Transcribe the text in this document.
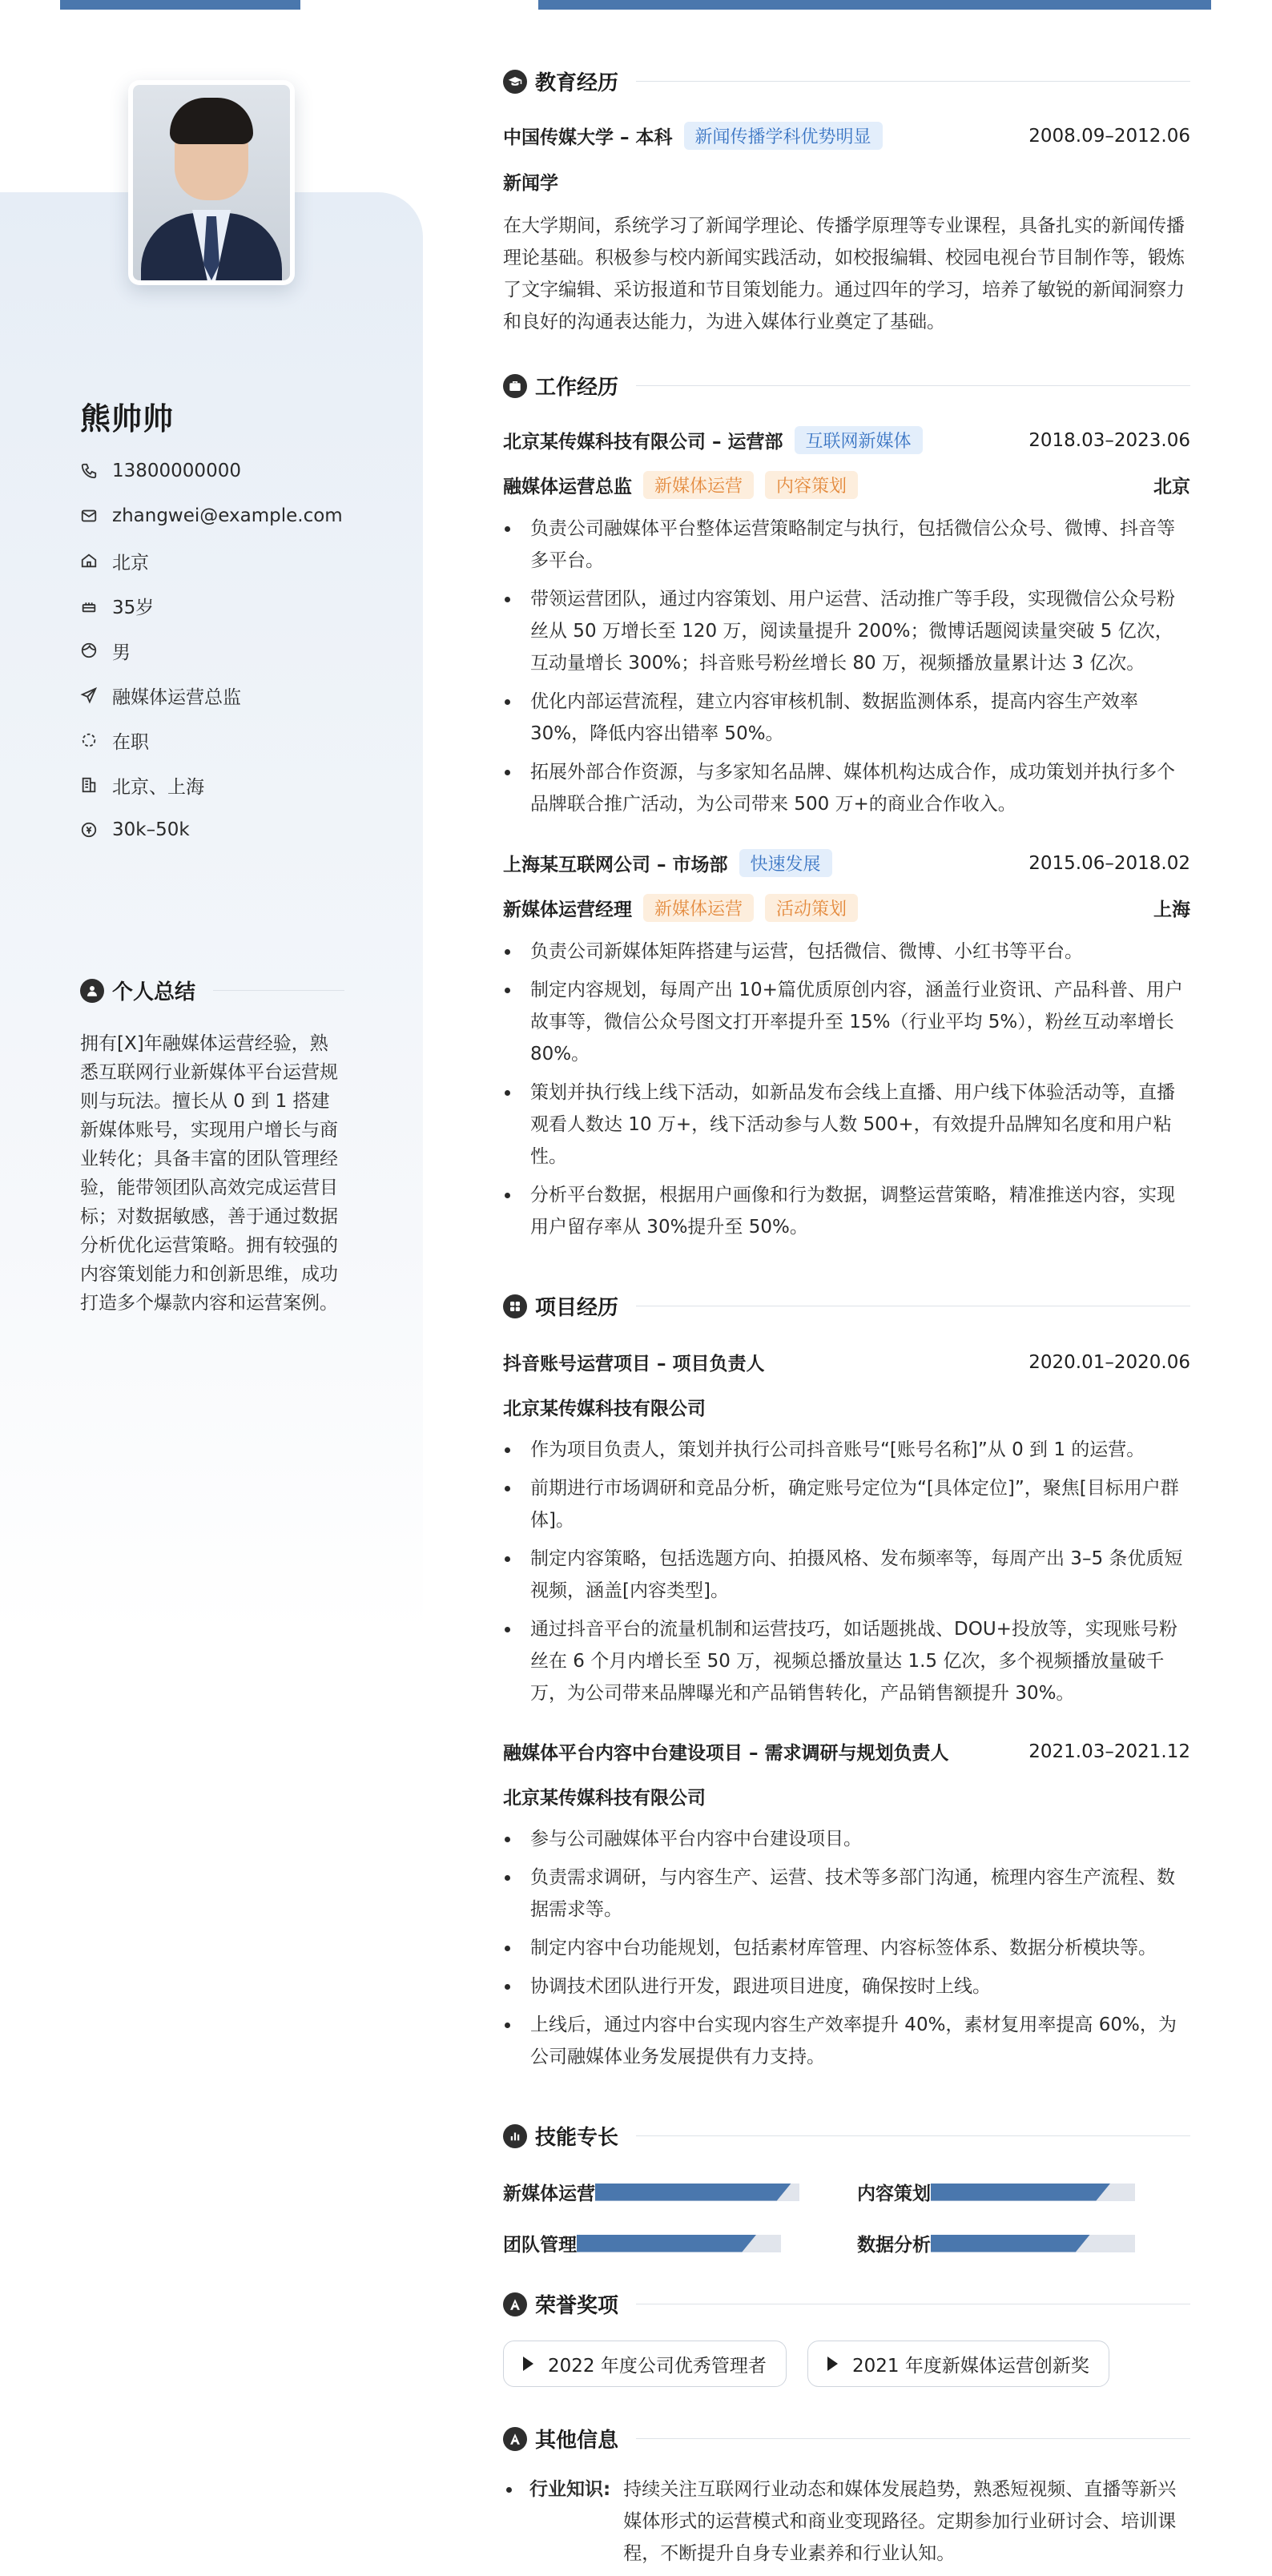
熊帅帅
13800000000
zhangwei@example.com
北京
35岁
男
融媒体运营总监
在职
北京、上海
30k–50k
个人总结
拥有[X]年融媒体运营经验，熟悉互联网行业新媒体平台运营规则与玩法。擅长从 0 到 1 搭建新媒体账号，实现用户增长与商业转化；具备丰富的团队管理经验，能带领团队高效完成运营目标；对数据敏感，善于通过数据分析优化运营策略。拥有较强的内容策划能力和创新思维，成功打造多个爆款内容和运营案例。
教育经历
中国传媒大学 – 本科	新闻传播学科优势明显	2008.09–2012.06
新闻学
在大学期间，系统学习了新闻学理论、传播学原理等专业课程，具备扎实的新闻传播理论基础。积极参与校内新闻实践活动，如校报编辑、校园电视台节目制作等，锻炼了文字编辑、采访报道和节目策划能力。通过四年的学习，培养了敏锐的新闻洞察力和良好的沟通表达能力，为进入媒体行业奠定了基础。
工作经历
北京某传媒科技有限公司 – 运营部	互联网新媒体	2018.03–2023.06
融媒体运营总监	新媒体运营	内容策划	北京
负责公司融媒体平台整体运营策略制定与执行，包括微信公众号、微博、抖音等多平台。
带领运营团队，通过内容策划、用户运营、活动推广等手段，实现微信公众号粉丝从 50 万增长至 120 万，阅读量提升 200%；微博话题阅读量突破 5 亿次，互动量增长 300%；抖音账号粉丝增长 80 万，视频播放量累计达 3 亿次。
优化内部运营流程，建立内容审核机制、数据监测体系，提高内容生产效率 30%，降低内容出错率 50%。
拓展外部合作资源，与多家知名品牌、媒体机构达成合作，成功策划并执行多个品牌联合推广活动，为公司带来 500 万+的商业合作收入。
上海某互联网公司 – 市场部	快速发展	2015.06–2018.02
新媒体运营经理	新媒体运营	活动策划	上海
负责公司新媒体矩阵搭建与运营，包括微信、微博、小红书等平台。
制定内容规划，每周产出 10+篇优质原创内容，涵盖行业资讯、产品科普、用户故事等，微信公众号图文打开率提升至 15%（行业平均 5%），粉丝互动率增长 80%。
策划并执行线上线下活动，如新品发布会线上直播、用户线下体验活动等，直播观看人数达 10 万+，线下活动参与人数 500+，有效提升品牌知名度和用户粘性。
分析平台数据，根据用户画像和行为数据，调整运营策略，精准推送内容，实现用户留存率从 30%提升至 50%。
项目经历
抖音账号运营项目 – 项目负责人	2020.01–2020.06
北京某传媒科技有限公司
作为项目负责人，策划并执行公司抖音账号“[账号名称]”从 0 到 1 的运营。
前期进行市场调研和竞品分析，确定账号定位为“[具体定位]”，聚焦[目标用户群体]。
制定内容策略，包括选题方向、拍摄风格、发布频率等，每周产出 3–5 条优质短视频，涵盖[内容类型]。
通过抖音平台的流量机制和运营技巧，如话题挑战、DOU+投放等，实现账号粉丝在 6 个月内增长至 50 万，视频总播放量达 1.5 亿次，多个视频播放量破千万，为公司带来品牌曝光和产品销售转化，产品销售额提升 30%。
融媒体平台内容中台建设项目 – 需求调研与规划负责人	2021.03–2021.12
北京某传媒科技有限公司
参与公司融媒体平台内容中台建设项目。
负责需求调研，与内容生产、运营、技术等多部门沟通，梳理内容生产流程、数据需求等。
制定内容中台功能规划，包括素材库管理、内容标签体系、数据分析模块等。
协调技术团队进行开发，跟进项目进度，确保按时上线。
上线后，通过内容中台实现内容生产效率提升 40%，素材复用率提高 60%，为公司融媒体业务发展提供有力支持。
技能专长
新媒体运营	内容策划
团队管理	数据分析
荣誉奖项
2022 年度公司优秀管理者	2021 年度新媒体运营创新奖
其他信息
行业知识: 持续关注互联网行业动态和媒体发展趋势，熟悉短视频、直播等新兴媒体形式的运营模式和商业变现路径。定期参加行业研讨会、培训课程，不断提升自身专业素养和行业认知。
